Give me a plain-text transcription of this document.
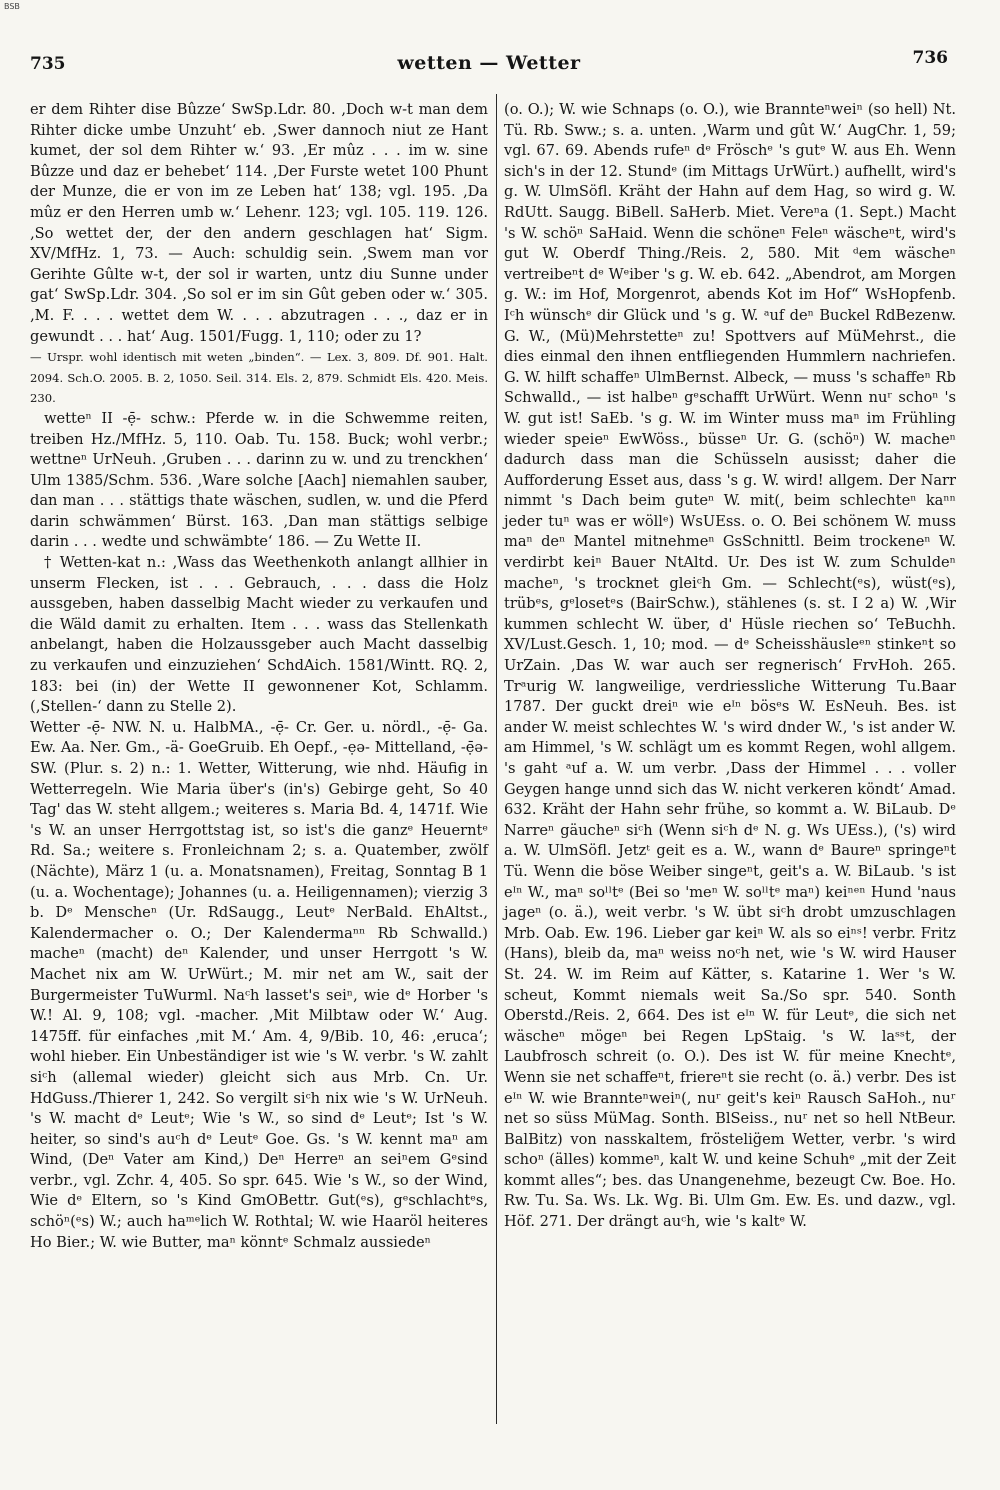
BSB
735	wetten — Wetter	736

er dem Rihter dise Bûzze‘ SwSp.Ldr. 80. ‚Doch w-t man dem Rihter dicke umbe Unzuht‘ eb. ‚Swer dannoch niut ze Hant kumet, der sol dem Rihter w.‘ 93. ‚Er mûz . . . im w. sine Bûzze und daz er behebet‘ 114. ‚Der Furste wetet 100 Phunt der Munze, die er von im ze Leben hat‘ 138; vgl. 195. ‚Da mûz er den Herren umb w.‘ Lehenr. 123; vgl. 105. 119. 126. ‚So wettet der, der den andern geschlagen hat‘ Sigm. XV/MfHz. 1, 73. — Auch: schuldig sein. ‚Swem man vor Gerihte Gûlte w-t, der sol ir warten, untz diu Sunne under gat‘ SwSp.Ldr. 304. ‚So sol er im sin Gût geben oder w.‘ 305. ‚M. F. . . . wettet dem W. . . . abzutragen . . ., daz er in gewundt . . . hat‘ Aug. 1501/Fugg. 1, 110; oder zu 1?

— Urspr. wohl identisch mit weten „binden“. — Lex. 3, 809. Df. 901. Halt. 2094. Sch.O. 2005. B. 2, 1050. Seil. 314. Els. 2, 879. Schmidt Els. 420. Meis. 230.

wetteⁿ II -ẹ̄- schw.: Pferde w. in die Schwemme reiten, treiben Hz./MfHz. 5, 110. Oab. Tu. 158. Buck; wohl verbr.; wettneⁿ UrNeuh. ‚Gruben . . . darinn zu w. und zu trenckhen‘ Ulm 1385/Schm. 536. ‚Ware solche [Aach] niemahlen sauber, dan man . . . stättigs thate wäschen, sudlen, w. und die Pferd darin schwämmen‘ Bürst. 163. ‚Dan man stättigs selbige darin . . . wedte und schwämbte‘ 186. — Zu Wette II.

† Wetten-kat n.: ‚Wass das Weethenkoth anlangt allhier in unserm Flecken, ist . . . Gebrauch, . . . dass die Holz aussgeben, haben dasselbig Macht wieder zu verkaufen und die Wäld damit zu erhalten. Item . . . wass das Stellenkath anbelangt, haben die Holzaussgeber auch Macht dasselbig zu verkaufen und einzuziehen‘ SchdAich. 1581/Wintt. RQ. 2, 183: bei (in) der Wette II gewonnener Kot, Schlamm. (‚Stellen-‘ dann zu Stelle 2).

Wetter -ẹ̄- NW. N. u. HalbMA., -ẹ̄- Cr. Ger. u. nördl., -ẹ̄- Ga. Ew. Aa. Ner. Gm., -ä- GoeGruib. Eh Oepf., -ẹə- Mittelland, -ẹ̄ə- SW. (Plur. s. 2) n.: 1. Wetter, Witterung, wie nhd. Häufig in Wetterregeln. Wie Maria über's (in's) Gebirge geht, So 40 Tag' das W. steht allgem.; weiteres s. Maria Bd. 4, 1471f. Wie 's W. an unser Herrgottstag ist, so ist's die ganzᵉ Heuerntᵉ Rd. Sa.; weitere s. Fronleichnam 2; s. a. Quatember, zwölf (Nächte), März 1 (u. a. Monatsnamen), Freitag, Sonntag B 1 (u. a. Wochentage); Johannes (u. a. Heiligennamen); vierzig 3 b. Dᵉ Menscheⁿ (Ur. RdSaugg., Leutᵉ NerBald. EhAltst., Kalendermacher o. O.; Der Kalendermaⁿⁿ Rb Schwalld.) macheⁿ (macht) deⁿ Kalender, und unser Herrgott 's W. Machet nix am W. UrWürt.; M. mir net am W., sait der Burgermeister TuWurml. Naᶜh lasset's seiⁿ, wie dᵉ Horber 's W.! Al. 9, 108; vgl. -macher. ‚Mit Milbtaw oder W.‘ Aug. 1475ff. für einfaches ‚mit M.‘ Am. 4, 9/Bib. 10, 46: ‚eruca‘; wohl hieber. Ein Unbeständiger ist wie 's W. verbr. 's W. zahlt siᶜh (allemal wieder) gleicht sich aus Mrb. Cn. Ur. HdGuss./Thierer 1, 242. So vergilt siᶜh nix wie 's W. UrNeuh. 's W. macht dᵉ Leutᵉ; Wie 's W., so sind dᵉ Leutᵉ; Ist 's W. heiter, so sind's auᶜh dᵉ Leutᵉ Goe. Gs. 's W. kennt maⁿ am Wind, (Deⁿ Vater am Kind,) Deⁿ Herreⁿ an seiⁿem Gᵉsind verbr., vgl. Zchr. 4, 405. So spr. 645. Wie 's W., so der Wind, Wie dᵉ Eltern, so 's Kind GmOBettr. Gut(ᵉs), gᵉschlachtᵉs, schöⁿ(ᵉs) W.; auch haᵐᵉlich W. Rothtal; W. wie Haaröl heiteres Ho Bier.; W. wie Butter, maⁿ könntᵉ Schmalz aussiedeⁿ

(o. O.); W. wie Schnaps (o. O.), wie Brannteⁿweiⁿ (so hell) Nt. Tü. Rb. Sww.; s. a. unten. ‚Warm und gût W.‘ AugChr. 1, 59; vgl. 67. 69. Abends rufeⁿ dᵉ Fröschᵉ 's gutᵉ W. aus Eh. Wenn sich's in der 12. Stundᵉ (im Mittags UrWürt.) aufhellt, wird's g. W. UlmSöfl. Kräht der Hahn auf dem Hag, so wird g. W. RdUtt. Saugg. BiBell. SaHerb. Miet. Vereⁿa (1. Sept.) Macht 's W. schöⁿ SaHaid. Wenn die schöneⁿ Feleⁿ wäscheⁿt, wird's gut W. Oberdf Thing./Reis. 2, 580. Mit ᵈem wäscheⁿ vertreibeⁿt dᵉ Wᵉiber 's g. W. eb. 642. „Abendrot, am Morgen g. W.: im Hof, Morgenrot, abends Kot im Hof“ WsHopfenb. Iᶜh wünschᵉ dir Glück und 's g. W. ᵃuf deⁿ Buckel RdBezenw. G. W., (Mü)Mehrstetteⁿ zu! Spottvers auf MüMehrst., die dies einmal den ihnen entfliegenden Hummlern nachriefen. G. W. hilft schaffeⁿ UlmBernst. Albeck, — muss 's schaffeⁿ Rb Schwalld., — ist halbeⁿ gᵉschafft UrWürt. Wenn nuʳ schoⁿ 's W. gut ist! SaEb. 's g. W. im Winter muss maⁿ im Frühling wieder speieⁿ EwWöss., büsseⁿ Ur. G. (schöⁿ) W. macheⁿ dadurch dass man die Schüsseln ausisst; daher die Aufforderung Esset aus, dass 's g. W. wird! allgem. Der Narr nimmt 's Dach beim guteⁿ W. mit(, beim schlechteⁿ kaⁿⁿ jeder tuⁿ was er wöllᵉ) WsUEss. o. O. Bei schönem W. muss maⁿ deⁿ Mantel mitnehmeⁿ GsSchnittl. Beim trockeneⁿ W. verdirbt keiⁿ Bauer NtAltd. Ur. Des ist W. zum Schuldeⁿ macheⁿ, 's trocknet gleiᶜh Gm. — Schlecht(ᵉs), wüst(ᵉs), trübᵉs, gᵉlosetᵉs (BairSchw.), stählenes (s. st. I 2 a) W. ‚Wir kummen schlecht W. über, d' Hüsle riechen so‘ TeBuchh. XV/Lust.Gesch. 1, 10; mod. — dᵉ Scheisshäusleᵉⁿ stinkeⁿt so UrZain. ‚Das W. war auch ser regnerisch‘ FrvHoh. 265. Trᵃurig W. langweilige, verdriessliche Witterung Tu.Baar 1787. Der guckt dreiⁿ wie eᴵⁿ bösᵉs W. EsNeuh. Bes. ist ander W. meist schlechtes W. 's wird dnder W., 's ist ander W. am Himmel, 's W. schlägt um es kommt Regen, wohl allgem. 's gaht ᵃuf a. W. um verbr. ‚Dass der Himmel . . . voller Geygen hange unnd sich das W. nicht verkeren köndt‘ Amad. 632. Kräht der Hahn sehr frühe, so kommt a. W. BiLaub. Dᵉ Narreⁿ gäucheⁿ siᶜh (Wenn siᶜh dᵉ N. g. Ws UEss.), ('s) wird a. W. UlmSöfl. Jetzᵗ geit es a. W., wann dᵉ Baureⁿ springeⁿt Tü. Wenn die böse Weiber singeⁿt, geit's a. W. BiLaub. 's ist eᴵⁿ W., maⁿ soˡˡtᵉ (Bei so 'meⁿ W. soˡˡtᵉ maⁿ) keiⁿᵉⁿ Hund 'naus jageⁿ (o. ä.), weit verbr. 's W. übt siᶜh drobt umzuschlagen Mrb. Oab. Ew. 196. Lieber gar keiⁿ W. als so eiⁿˢ! verbr. Fritz (Hans), bleib da, maⁿ weiss noᶜh net, wie 's W. wird Hauser St. 24. W. im Reim auf Kätter, s. Katarine 1. Wer 's W. scheut, Kommt niemals weit Sa./So spr. 540. Sonth Oberstd./Reis. 2, 664. Des ist eᴵⁿ W. für Leutᵉ, die sich net wäscheⁿ mögeⁿ bei Regen LpStaig. 's W. laˢˢt, der Laubfrosch schreit (o. O.). Des ist W. für meine Knechtᵉ, Wenn sie net schaffeⁿt, friereⁿt sie recht (o. ä.) verbr. Des ist eᴵⁿ W. wie Brannteⁿweiⁿ(, nuʳ geit's keiⁿ Rausch SaHoh., nuʳ net so süss MüMag. Sonth. BlSeiss., nuʳ net so hell NtBeur. BalBitz) von nasskaltem, fröstelig̈em Wetter, verbr. 's wird schoⁿ (älles) kommeⁿ, kalt W. und keine Schuhᵉ „mit der Zeit kommt alles“; bes. das Unangenehme, bezeugt Cw. Boe. Ho. Rw. Tu. Sa. Ws. Lk. Wg. Bi. Ulm Gm. Ew. Es. und dazw., vgl. Höf. 271. Der drängt auᶜh, wie 's kaltᵉ W.
